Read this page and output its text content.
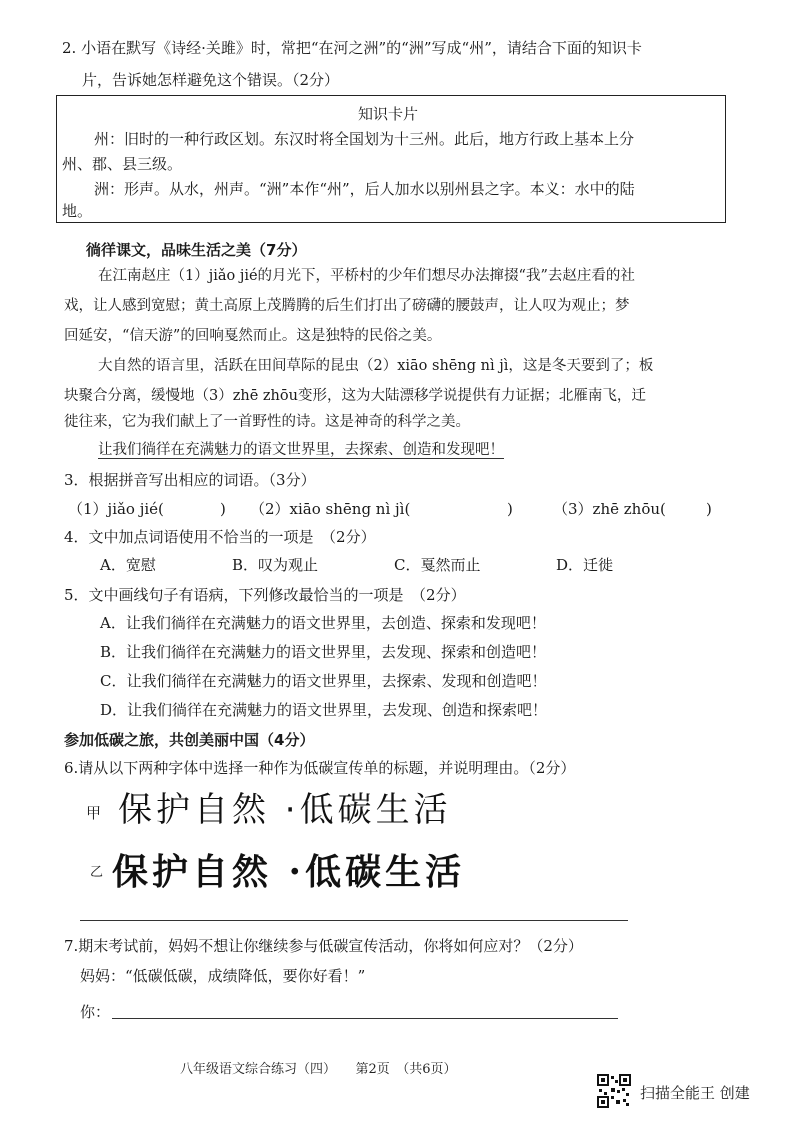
2. 小语在默写《诗经·关雎》时，常把“在河之洲”的“洲”写成“州”，请结合下面的知识卡
片，告诉她怎样避免这个错误。（2分）
知识卡片
州：旧时的一种行政区划。东汉时将全国划为十三州。此后，地方行政上基本上分
州、郡、县三级。
洲：形声。从水，州声。“洲”本作“州”，后人加水以别州县之字。本义：水中的陆
地。
徜徉课文，品味生活之美（7分）
在江南赵庄（1）jiǎo jié的月光下，平桥村的少年们想尽办法撺掇“我”去赵庄看的社
戏，让人感到宽慰；黄土高原上茂腾腾的后生们打出了磅礴的腰鼓声，让人叹为观止；梦
回延安，“信天游”的回响戛然而止。这是独特的民俗之美。
大自然的语言里，活跃在田间草际的昆虫（2）xiāo shēng nì jì，这是冬天要到了；板
块聚合分离，缓慢地（3）zhē zhōu变形，这为大陆漂移学说提供有力证据；北雁南飞，迁
徙往来，它为我们献上了一首野性的诗。这是神奇的科学之美。
让我们徜徉在充满魅力的语文世界里，去探索、创造和发现吧！
3．根据拼音写出相应的词语。（3分）
（1）jiǎo jié(	) （2）xiāo shēng nì jì(	)	（3）zhē zhōu(	)
4．文中加点词语使用不恰当的一项是　（2分）
A．宽慰	B．叹为观止	C．戛然而止	D．迁徙
5．文中画线句子有语病，下列修改最恰当的一项是　（2分）
A．让我们徜徉在充满魅力的语文世界里，去创造、探索和发现吧！
B．让我们徜徉在充满魅力的语文世界里，去发现、探索和创造吧！
C．让我们徜徉在充满魅力的语文世界里，去探索、发现和创造吧！
D．让我们徜徉在充满魅力的语文世界里，去发现、创造和探索吧！
参加低碳之旅，共创美丽中国（4分）
6.请从以下两种字体中选择一种作为低碳宣传单的标题，并说明理由。（2分）
甲 保护自然 ·低碳生活
乙 保护自然 ·低碳生活
7.期末考试前，妈妈不想让你继续参与低碳宣传活动，你将如何应对？（2分）
妈妈：“低碳低碳，成绩降低，要你好看！”
你：
八年级语文综合练习（四）　　第2页　（共6页）
扫描全能王 创建
